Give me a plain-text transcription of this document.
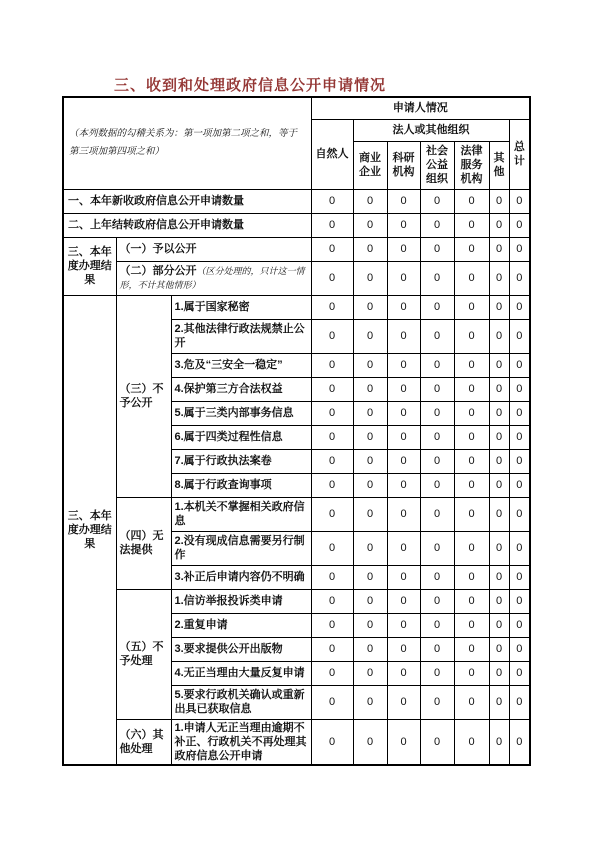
三、收到和处理政府信息公开申请情况
（本列数据的勾稽关系为：第一项加第二项之和，等于第三项加第四项之和）			申请人情况						
			自然人	法人或其他组织					总计
				商业企业	科研机构	社会公益组织	法律服务机构	其他	
一、本年新收政府信息公开申请数量			0	0	0	0	0	0	0
二、上年结转政府信息公开申请数量			0	0	0	0	0	0	0
三、本年度办理结果	（一）予以公开		0	0	0	0	0	0	0
	（二）部分公开（区分处理的，只计这一情形，不计其他情形）		0	0	0	0	0	0	0
三、本年度办理结果	（三）不予公开	1.属于国家秘密	0	0	0	0	0	0	0
		2.其他法律行政法规禁止公开	0	0	0	0	0	0	0
		3.危及“三安全一稳定”	0	0	0	0	0	0	0
		4.保护第三方合法权益	0	0	0	0	0	0	0
		5.属于三类内部事务信息	0	0	0	0	0	0	0
		6.属于四类过程性信息	0	0	0	0	0	0	0
		7.属于行政执法案卷	0	0	0	0	0	0	0
		8.属于行政查询事项	0	0	0	0	0	0	0
	（四）无法提供	1.本机关不掌握相关政府信息	0	0	0	0	0	0	0
		2.没有现成信息需要另行制作	0	0	0	0	0	0	0
		3.补正后申请内容仍不明确	0	0	0	0	0	0	0
	（五）不予处理	1.信访举报投诉类申请	0	0	0	0	0	0	0
		2.重复申请	0	0	0	0	0	0	0
		3.要求提供公开出版物	0	0	0	0	0	0	0
		4.无正当理由大量反复申请	0	0	0	0	0	0	0
		5.要求行政机关确认或重新出具已获取信息	0	0	0	0	0	0	0
	（六）其他处理	1.申请人无正当理由逾期不补正、行政机关不再处理其政府信息公开申请	0	0	0	0	0	0	0
